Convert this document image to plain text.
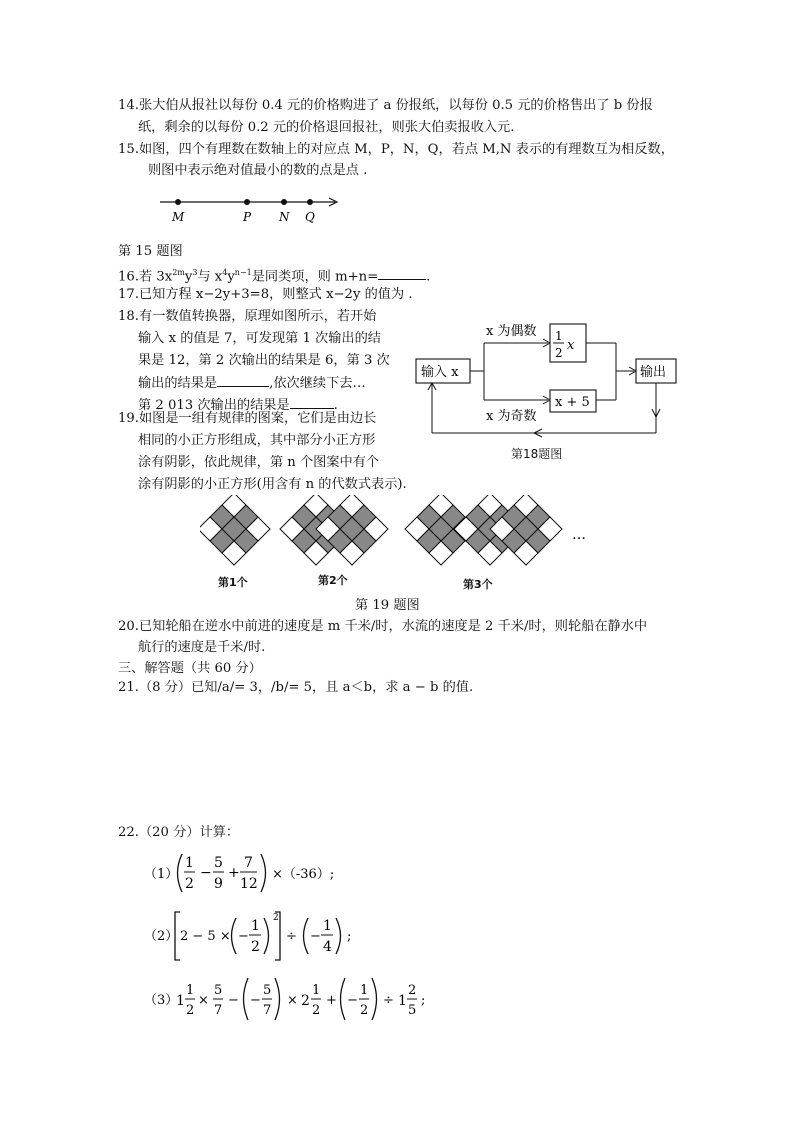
14.张大伯从报社以每份 0.4 元的价格购进了 a 份报纸，以每份 0.5 元的价格售出了 b 份报
纸，剩余的以每份 0.2 元的价格退回报社，则张大伯卖报收入元.
15.如图，四个有理数在数轴上的对应点 M，P，N，Q，若点 M,N 表示的有理数互为相反数，
则图中表示绝对值最小的数的点是点 .
M	P N Q
第 15 题图
16.若 $3x^{2m}y^3$与 $x^4y^{n-1}$是同类项，则 m+n=	.
17.已知方程 x−2y+3=8，则整式 x−2y 的值为 .
18.有一数值转换器，原理如图所示，若开始
输入 x 的值是 7，可发现第 1 次输出的结
果是 12，第 2 次输出的结果是 6，第 3 次
输出的结果是	,依次继续下去…
第 2 013 次输出的结果是	.
输入 x
x 为偶数
x 为奇数
1
2 x
x + 5
输出
第18题图
19.如图是一组有规律的图案，它们是由边长
相同的小正方形组成，其中部分小正方形
涂有阴影，依此规律，第 n 个图案中有个
涂有阴影的小正方形(用含有 n 的代数式表示).
…
第1个	第2个	第3个
第 19 题图
20.已知轮船在逆水中前进的速度是 m 千米/时，水流的速度是 2 千米/时，则轮船在静水中
航行的速度是千米/时.
三、解答题（共 60 分）
21.（8 分）已知/a/= 3，/b/= 5，且 a＜b，求 a − b 的值.
22.（20 分）计算：
（1）
1
2
−
5
9
+
7
12
×（-36）;
（2） 2 − 5 × −
1
2
2
÷ −
1
4
;
（3）
1
1
2
×
5
7
− −
5
7
× 2
1
2
+ −
1
2
÷ 1
2
5
;
